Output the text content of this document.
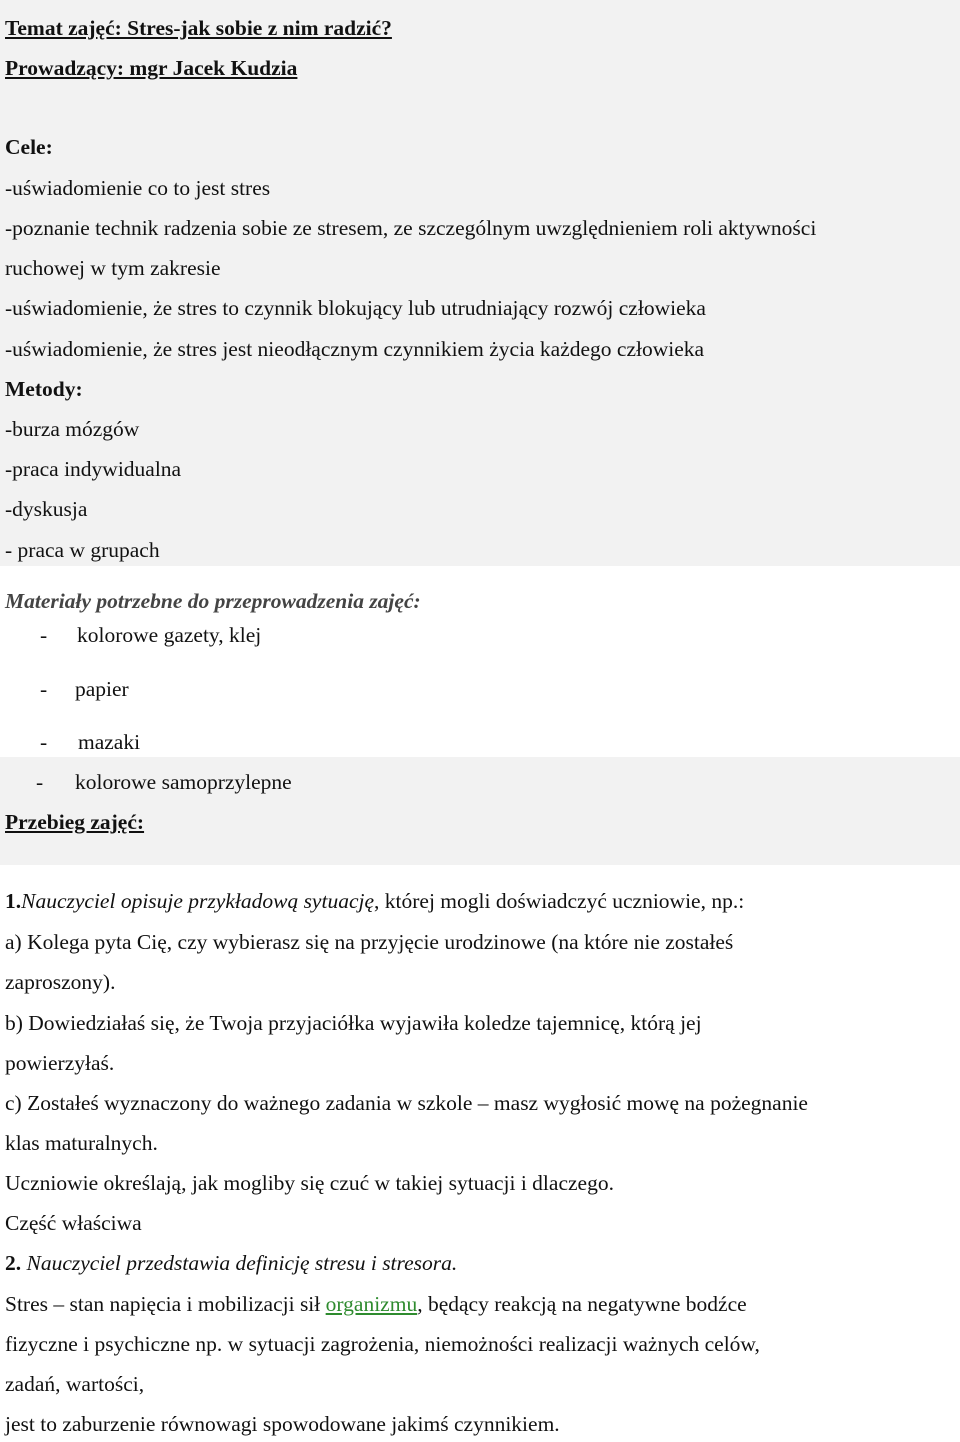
Temat zajęć: Stres-jak sobie z nim radzić?
Prowadzący: mgr Jacek Kudzia
Cele:
-uświadomienie co to jest stres
-poznanie technik radzenia sobie ze stresem, ze szczególnym uwzględnieniem roli aktywności
ruchowej w tym zakresie
-uświadomienie, że stres to czynnik blokujący lub utrudniający rozwój człowieka
-uświadomienie, że stres jest nieodłącznym czynnikiem życia każdego człowieka
Metody:
-burza mózgów
-praca indywidualna
-dyskusja
- praca w grupach
Materiały potrzebne do przeprowadzenia zajęć:
- kolorowe gazety, klej
- papier
- mazaki
- kolorowe samoprzylepne
Przebieg zajęć:
1.Nauczyciel opisuje przykładową sytuację, której mogli doświadczyć uczniowie, np.:
a) Kolega pyta Cię, czy wybierasz się na przyjęcie urodzinowe (na które nie zostałeś
zaproszony).
b) Dowiedziałaś się, że Twoja przyjaciółka wyjawiła koledze tajemnicę, którą jej
powierzyłaś.
c) Zostałeś wyznaczony do ważnego zadania w szkole – masz wygłosić mowę na pożegnanie
klas maturalnych.
Uczniowie określają, jak mogliby się czuć w takiej sytuacji i dlaczego.
Część właściwa
2. Nauczyciel przedstawia definicję stresu i stresora.
Stres – stan napięcia i mobilizacji sił organizmu, będący reakcją na negatywne bodźce
fizyczne i psychiczne np. w sytuacji zagrożenia, niemożności realizacji ważnych celów,
zadań, wartości,
jest to zaburzenie równowagi spowodowane jakimś czynnikiem.
